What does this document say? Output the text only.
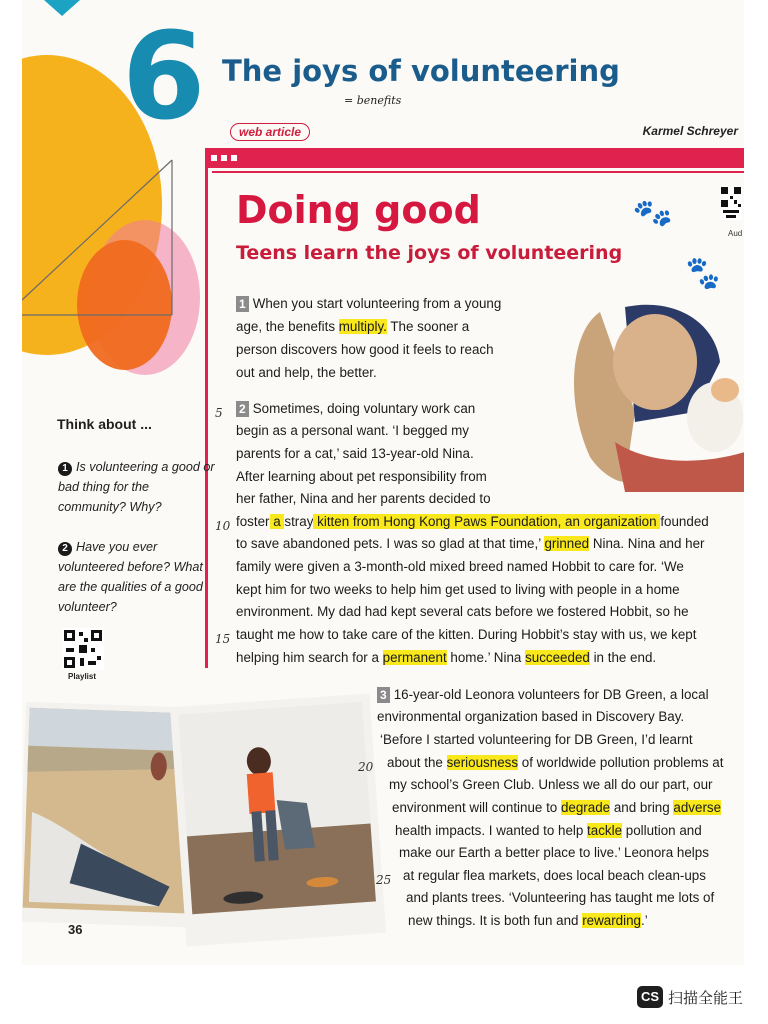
6 The joys of volunteering
= benefits
web article	Karmel Schreyer
Doing good
Teens learn the joys of volunteering
🐾
🐾
Aud
Think about ...
1 Is volunteering a good or bad thing for the community? Why?
2 Have you ever volunteered before? What are the qualities of a good volunteer?
Playlist
1 When you start volunteering from a young
age, the benefits multiply. The sooner a
person discovers how good it feels to reach
out and help, the better.
2 Sometimes, doing voluntary work can
begin as a personal want. ‘I begged my
parents for a cat,’ said 13-year-old Nina.
After learning about pet responsibility from
her father, Nina and her parents decided to
foster a stray kitten from Hong Kong Paws Foundation, an organization founded
to save abandoned pets. I was so glad at that time,’ grinned Nina. Nina and her
family were given a 3-month-old mixed breed named Hobbit to care for. ‘We
kept him for two weeks to help him get used to living with people in a home
environment. My dad had kept several cats before we fostered Hobbit, so he
taught me how to take care of the kitten. During Hobbit’s stay with us, we kept
helping him search for a permanent home.’ Nina succeeded in the end.
3 16-year-old Leonora volunteers for DB Green, a local
environmental organization based in Discovery Bay.
‘Before I started volunteering for DB Green, I’d learnt
about the seriousness of worldwide pollution problems at
my school’s Green Club. Unless we all do our part, our
environment will continue to degrade and bring adverse
health impacts. I wanted to help tackle pollution and
make our Earth a better place to live.’ Leonora helps
at regular flea markets, does local beach clean-ups
and plants trees. ‘Volunteering has taught me lots of
new things. It is both fun and rewarding.’
5
10
15
20
25
36
CS 扫描全能王
